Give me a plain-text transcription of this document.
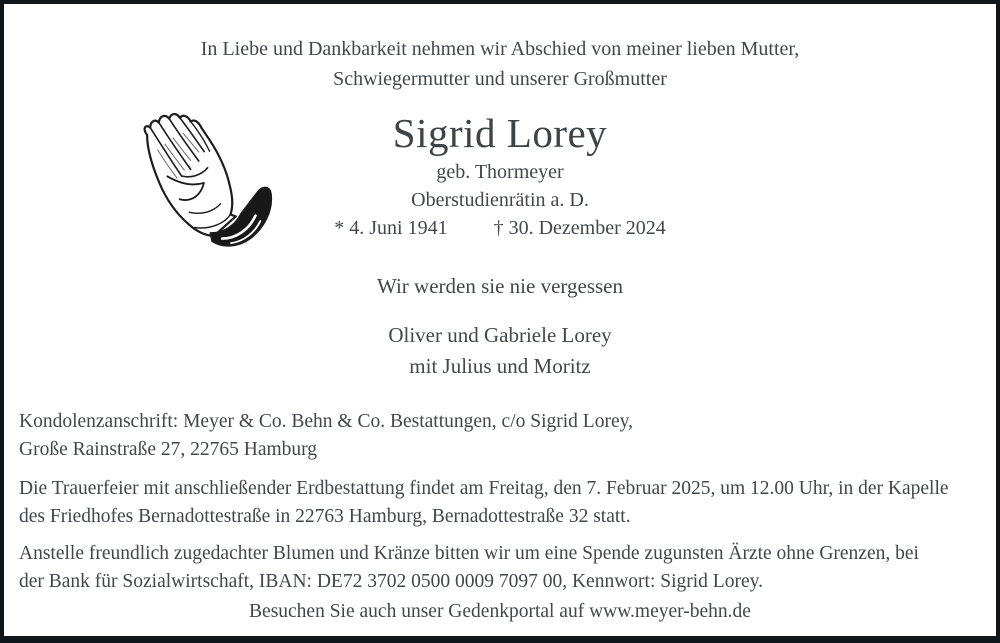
In Liebe und Dankbarkeit nehmen wir Abschied von meiner lieben Mutter,
Schwiegermutter und unserer Großmutter
Sigrid Lorey
geb. Thormeyer
Oberstudienrätin a. D.
* 4. Juni 1941 † 30. Dezember 2024
Wir werden sie nie vergessen
Oliver und Gabriele Lorey
mit Julius und Moritz
Kondolenzanschrift: Meyer & Co. Behn & Co. Bestattungen, c/o Sigrid Lorey,
Große Rainstraße 27, 22765 Hamburg
Die Trauerfeier mit anschließender Erdbestattung findet am Freitag, den 7. Februar 2025, um 12.00 Uhr, in der Kapelle
des Friedhofes Bernadottestraße in 22763 Hamburg, Bernadottestraße 32 statt.
Anstelle freundlich zugedachter Blumen und Kränze bitten wir um eine Spende zugunsten Ärzte ohne Grenzen, bei
der Bank für Sozialwirtschaft, IBAN: DE72 3702 0500 0009 7097 00, Kennwort: Sigrid Lorey.
Besuchen Sie auch unser Gedenkportal auf www.meyer-behn.de
